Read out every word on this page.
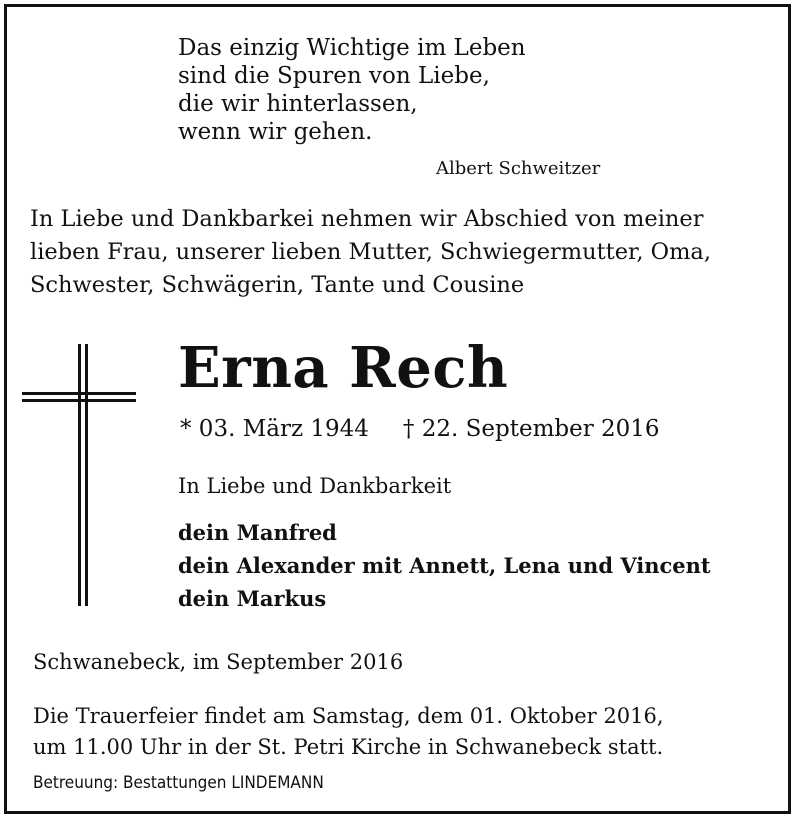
Das einzig Wichtige im Leben
sind die Spuren von Liebe,
die wir hinterlassen,
wenn wir gehen.
Albert Schweitzer
In Liebe und Dankbarkei nehmen wir Abschied von meiner
lieben Frau, unserer lieben Mutter, Schwiegermutter, Oma,
Schwester, Schwägerin, Tante und Cousine
Erna Rech
* 03. März 1944 † 22. September 2016
In Liebe und Dankbarkeit
dein Manfred
dein Alexander mit Annett, Lena und Vincent
dein Markus
Schwanebeck, im September 2016
Die Trauerfeier findet am Samstag, dem 01. Oktober 2016,
um 11.00 Uhr in der St. Petri Kirche in Schwanebeck statt.
Betreuung: Bestattungen LINDEMANN
